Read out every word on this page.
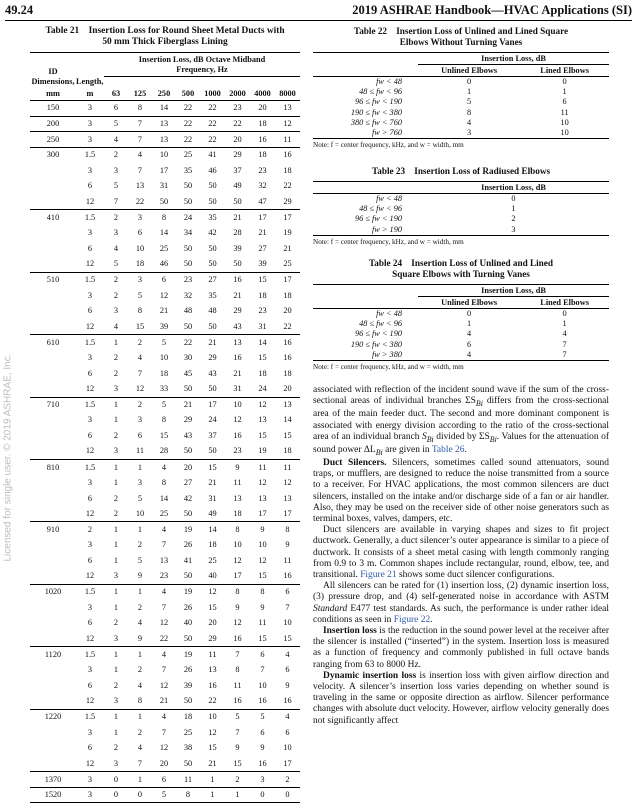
49.24	2019 ASHRAE Handbook—HVAC Applications (SI)
Licensed for single user. © 2019 ASHRAE, Inc.
Table 21    Insertion Loss for Round Sheet Metal Ducts with
50 mm Thick Fiberglass Lining
ID		Insertion Loss, dB Octave Midband Frequency, Hz							
Dimensions,	Length,								
mm	m	63	125	250	500	1000	2000	4000	8000
150	3	6	8	14	22	22	23	20	13
200	3	5	7	13	22	22	22	18	12
250	3	4	7	13	22	22	20	16	11
300	1.5	2	4	10	25	41	29	18	16
	3	3	7	17	35	46	37	23	18
	6	5	13	31	50	50	49	32	22
	12	7	22	50	50	50	50	47	29
410	1.5	2	3	8	24	35	21	17	17
	3	3	6	14	34	42	28	21	19
	6	4	10	25	50	50	39	27	21
	12	5	18	46	50	50	50	39	25
510	1.5	2	3	6	23	27	16	15	17
	3	2	5	12	32	35	21	18	18
	6	3	8	21	48	48	29	23	20
	12	4	15	39	50	50	43	31	22
610	1.5	1	2	5	22	21	13	14	16
	3	2	4	10	30	29	16	15	16
	6	2	7	18	45	43	21	18	18
	12	3	12	33	50	50	31	24	20
710	1.5	1	2	5	21	17	10	12	13
	3	1	3	8	29	24	12	13	14
	6	2	6	15	43	37	16	15	15
	12	3	11	28	50	50	23	19	18
810	1.5	1	1	4	20	15	9	11	11
	3	1	3	8	27	21	11	12	12
	6	2	5	14	42	31	13	13	13
	12	2	10	25	50	49	18	17	17
910	2	1	1	4	19	14	8	9	8
	3	1	2	7	26	18	10	10	9
	6	1	5	13	41	25	12	12	11
	12	3	9	23	50	40	17	15	16
1020	1.5	1	1	4	19	12	8	8	6
	3	1	2	7	26	15	9	9	7
	6	2	4	12	40	20	12	11	10
	12	3	9	22	50	29	16	15	15
1120	1.5	1	1	4	19	11	7	6	4
	3	1	2	7	26	13	8	7	6
	6	2	4	12	39	16	11	10	9
	12	3	8	21	50	22	16	16	16
1220	1.5	1	1	4	18	10	5	5	4
	3	1	2	7	25	12	7	6	6
	6	2	4	12	38	15	9	9	10
	12	3	7	20	50	21	15	16	17
1370	3	0	1	6	11	1	2	3	2
1520	3	0	0	5	8	1	1	0	0
Table 22    Insertion Loss of Unlined and Lined Square
Elbows Without Turning Vanes
	Insertion Loss, dB	
	Unlined Elbows	Lined Elbows
fw < 48	0	0
48 ≤ fw < 96	1	1
96 ≤ fw < 190	5	6
190 ≤ fw < 380	8	11
380 ≤ fw < 760	4	10
fw > 760	3	10
Note: f = center frequency, kHz, and w = width, mm
Table 23    Insertion Loss of Radiused Elbows
	Insertion Loss, dB
fw < 48	0
48 ≤ fw < 96	1
96 ≤ fw < 190	2
fw > 190	3
Note: f = center frequency, kHz, and w = width, mm
Table 24    Insertion Loss of Unlined and Lined
Square Elbows with Turning Vanes
	Insertion Loss, dB	
	Unlined Elbows	Lined Elbows
fw < 48	0	0
48 ≤ fw < 96	1	1
96 ≤ fw < 190	4	4
190 ≤ fw < 380	6	7
fw > 380	4	7
Note: f = center frequency, kHz, and w = width, mm

associated with reflection of the incident sound wave if the sum of the cross-sectional areas of individual branches $\Sigma S_{Bi}$ differs from the cross-sectional area of the main feeder duct. The second and more dominant component is associated with energy division according to the ratio of the cross-sectional area of an individual branch $S_{Bi}$ divided by $\Sigma S_{Bi}$. Values for the attenuation of sound power $\Delta L_{Bi}$ are given in Table 26.

Duct Silencers. Silencers, sometimes called sound attenuators, sound traps, or mufflers, are designed to reduce the noise transmitted from a source to a receiver. For HVAC applications, the most common silencers are duct silencers, installed on the intake and/or discharge side of a fan or air handler. Also, they may be used on the receiver side of other noise generators such as terminal boxes, valves, dampers, etc.

Duct silencers are available in varying shapes and sizes to fit project ductwork. Generally, a duct silencer’s outer appearance is similar to a piece of ductwork. It consists of a sheet metal casing with length commonly ranging from 0.9 to 3 m. Common shapes include rectangular, round, elbow, tee, and transitional. Figure 21 shows some duct silencer configurations.

All silencers can be rated for (1) insertion loss, (2) dynamic insertion loss, (3) pressure drop, and (4) self-generated noise in accordance with ASTM Standard E477 test standards. As such, the performance is under rather ideal conditions as seen in Figure 22.

Insertion loss is the reduction in the sound power level at the receiver after the silencer is installed (“inserted”) in the system. Insertion loss is measured as a function of frequency and commonly published in full octave bands ranging from 63 to 8000 Hz.

Dynamic insertion loss is insertion loss with given airflow direction and velocity. A silencer’s insertion loss varies depending on whether sound is traveling in the same or opposite direction as airflow. Silencer performance changes with absolute duct velocity. However, airflow velocity generally does not significantly affect
